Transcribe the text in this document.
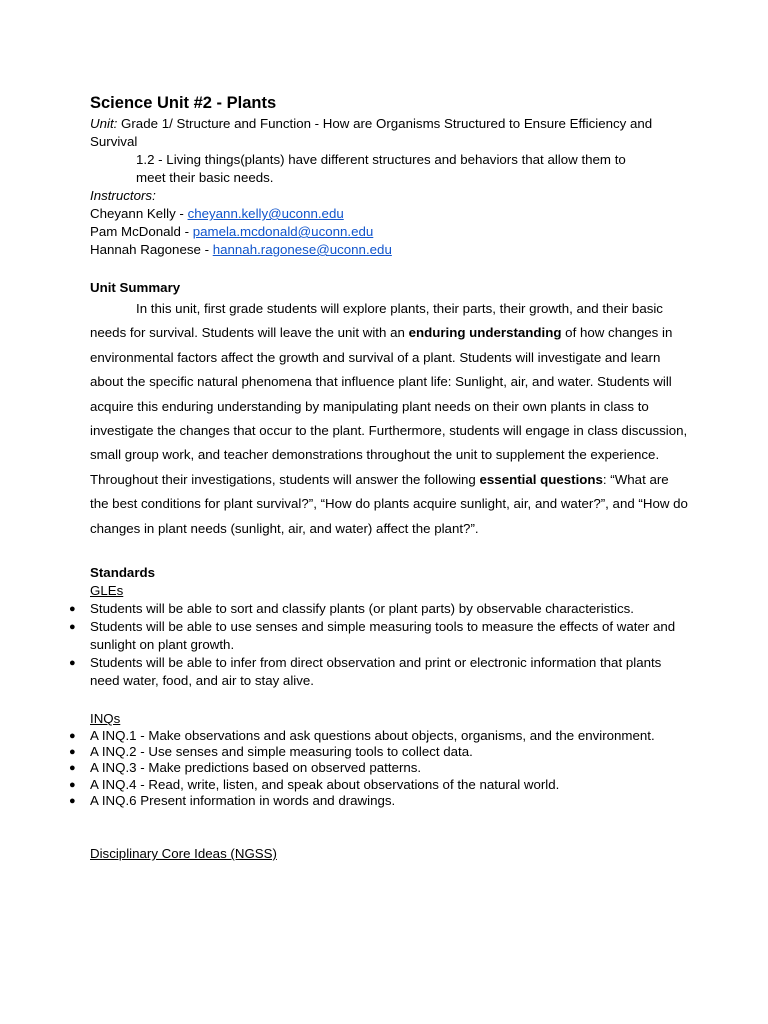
Science Unit #2 - Plants
Unit: Grade 1/ Structure and Function - How are Organisms Structured to Ensure Efficiency and Survival
1.2 - Living things(plants) have different structures and behaviors that allow them to
meet their basic needs.
Instructors:
Cheyann Kelly - cheyann.kelly@uconn.edu
Pam McDonald - pamela.mcdonald@uconn.edu
Hannah Ragonese - hannah.ragonese@uconn.edu
Unit Summary

In this unit, first grade students will explore plants, their parts, their growth, and their basic needs for survival. Students will leave the unit with an enduring understanding of how changes in environmental factors affect the growth and survival of a plant. Students will investigate and learn about the specific natural phenomena that influence plant life: Sunlight, air, and water. Students will acquire this enduring understanding by manipulating plant needs on their own plants in class to investigate the changes that occur to the plant. Furthermore, students will engage in class discussion, small group work, and teacher demonstrations throughout the unit to supplement the experience. Throughout their investigations, students will answer the following essential questions: “What are the best conditions for plant survival?”, “How do plants acquire sunlight, air, and water?”, and “How do changes in plant needs (sunlight, air, and water) affect the plant?”.

Standards
GLEs
● Students will be able to sort and classify plants (or plant parts) by observable characteristics.
● Students will be able to use senses and simple measuring tools to measure the effects of water and sunlight on plant growth.
● Students will be able to infer from direct observation and print or electronic information that plants need water, food, and air to stay alive.
INQs
● A INQ.1 - Make observations and ask questions about objects, organisms, and the environment.
● A INQ.2 - Use senses and simple measuring tools to collect data.
● A INQ.3 - Make predictions based on observed patterns.
● A INQ.4 - Read, write, listen, and speak about observations of the natural world.
● A INQ.6 Present information in words and drawings.
Disciplinary Core Ideas (NGSS)
